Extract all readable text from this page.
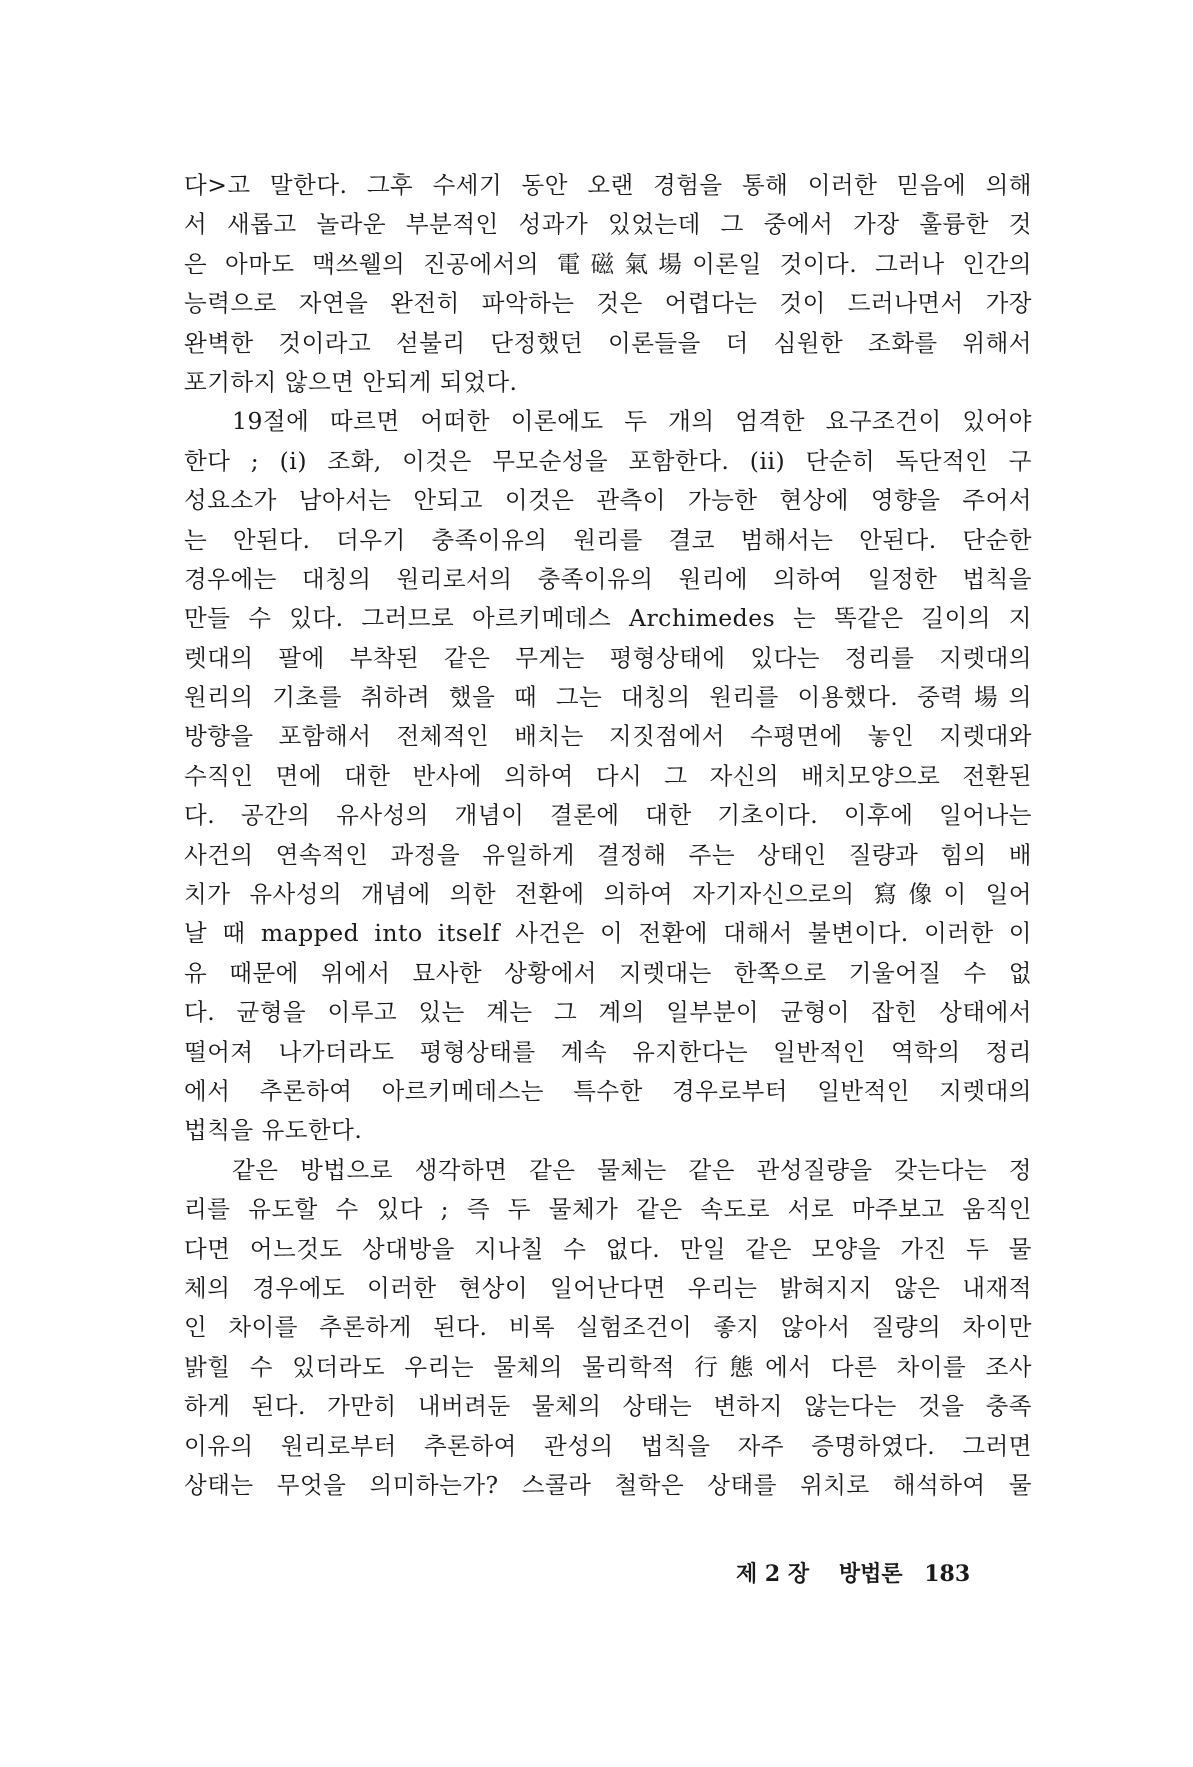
다>고 말한다. 그후 수세기 동안 오랜 경험을 통해 이러한 믿음에 의해
서 새롭고 놀라운 부분적인 성과가 있었는데 그 중에서 가장 훌륭한 것
은 아마도 맥쓰웰의 진공에서의 電磁氣場이론일 것이다. 그러나 인간의
능력으로 자연을 완전히 파악하는 것은 어렵다는 것이 드러나면서 가장
완벽한 것이라고 섣불리 단정했던 이론들을 더 심원한 조화를 위해서
포기하지 않으면 안되게 되었다.
19절에 따르면 어떠한 이론에도 두 개의 엄격한 요구조건이 있어야
한다 ; (i) 조화, 이것은 무모순성을 포함한다. (ii) 단순히 독단적인 구
성요소가 남아서는 안되고 이것은 관측이 가능한 현상에 영향을 주어서
는 안된다. 더우기 충족이유의 원리를 결코 범해서는 안된다. 단순한
경우에는 대칭의 원리로서의 충족이유의 원리에 의하여 일정한 법칙을
만들 수 있다. 그러므로 아르키메데스 Archimedes 는 똑같은 길이의 지
렛대의 팔에 부착된 같은 무게는 평형상태에 있다는 정리를 지렛대의
원리의 기초를 취하려 했을 때 그는 대칭의 원리를 이용했다. 중력場의
방향을 포함해서 전체적인 배치는 지짓점에서 수평면에 놓인 지렛대와
수직인 면에 대한 반사에 의하여 다시 그 자신의 배치모양으로 전환된
다. 공간의 유사성의 개념이 결론에 대한 기초이다. 이후에 일어나는
사건의 연속적인 과정을 유일하게 결정해 주는 상태인 질량과 힘의 배
치가 유사성의 개념에 의한 전환에 의하여 자기자신으로의 寫像이 일어
날 때 mapped into itself 사건은 이 전환에 대해서 불변이다. 이러한 이
유 때문에 위에서 묘사한 상황에서 지렛대는 한쪽으로 기울어질 수 없
다. 균형을 이루고 있는 계는 그 계의 일부분이 균형이 잡힌 상태에서
떨어져 나가더라도 평형상태를 계속 유지한다는 일반적인 역학의 정리
에서 추론하여 아르키메데스는 특수한 경우로부터 일반적인 지렛대의
법칙을 유도한다.
같은 방법으로 생각하면 같은 물체는 같은 관성질량을 갖는다는 정
리를 유도할 수 있다 ; 즉 두 물체가 같은 속도로 서로 마주보고 움직인
다면 어느것도 상대방을 지나칠 수 없다. 만일 같은 모양을 가진 두 물
체의 경우에도 이러한 현상이 일어난다면 우리는 밝혀지지 않은 내재적
인 차이를 추론하게 된다. 비록 실험조건이 좋지 않아서 질량의 차이만
밝힐 수 있더라도 우리는 물체의 물리학적 行態에서 다른 차이를 조사
하게 된다. 가만히 내버려둔 물체의 상태는 변하지 않는다는 것을 충족
이유의 원리로부터 추론하여 관성의 법칙을 자주 증명하였다. 그러면
상태는 무엇을 의미하는가? 스콜라 철학은 상태를 위치로 해석하여 물
제 2 장 방법론 183
